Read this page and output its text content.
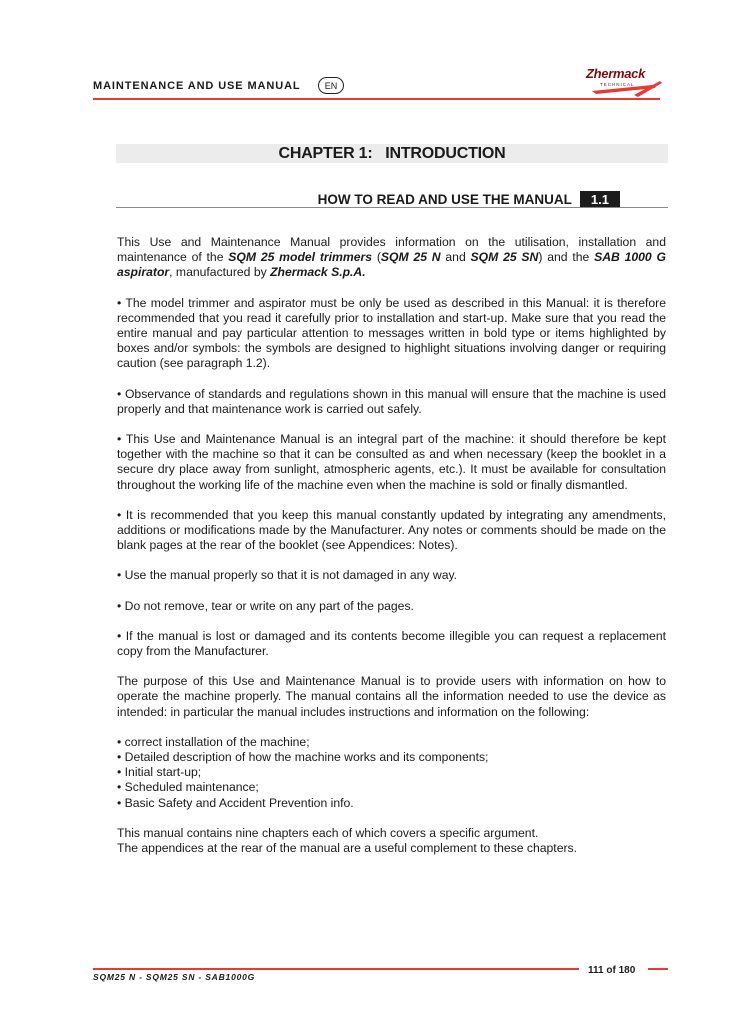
MAINTENANCE AND USE MANUAL	EN
Zhermack
TECHNICAL
CHAPTER 1:   INTRODUCTION
HOW TO READ AND USE THE MANUAL 1.1

This Use and Maintenance Manual provides information on the utilisation, installation and maintenance of the SQM 25 model trimmers (SQM 25 N and SQM 25 SN) and the SAB 1000 G aspirator, manufactured by Zhermack S.p.A.

• The model trimmer and aspirator must be only be used as described in this Manual: it is therefore recommended that you read it carefully prior to installation and start-up. Make sure that you read the entire manual and pay particular attention to messages written in bold type or items highlighted by boxes and/or symbols: the symbols are designed to highlight situations involving danger or requiring caution (see paragraph 1.2).

• Observance of standards and regulations shown in this manual will ensure that the machine is used properly and that maintenance work is carried out safely.

• This Use and Maintenance Manual is an integral part of the machine: it should therefore be kept together with the machine so that it can be consulted as and when necessary (keep the booklet in a secure dry place away from sunlight, atmospheric agents, etc.). It must be available for consultation throughout the working life of the machine even when the machine is sold or finally dismantled.

• It is recommended that you keep this manual constantly updated by integrating any amendments, additions or modifications made by the Manufacturer. Any notes or comments should be made on the blank pages at the rear of the booklet (see Appendices: Notes).

• Use the manual properly so that it is not damaged in any way.

• Do not remove, tear or write on any part of the pages.

• If the manual is lost or damaged and its contents become illegible you can request a replacement copy from the Manufacturer.

The purpose of this Use and Maintenance Manual is to provide users with information on how to operate the machine properly. The manual contains all the information needed to use the device as intended: in particular the manual includes instructions and information on the following:

• correct installation of the machine;
• Detailed description of how the machine works and its components;
• Initial start-up;
• Scheduled maintenance;
• Basic Safety and Accident Prevention info.

This manual contains nine chapters each of which covers a specific argument.

The appendices at the rear of the manual are a useful complement to these chapters.

SQM25 N - SQM25 SN - SAB1000G
111 of 180
